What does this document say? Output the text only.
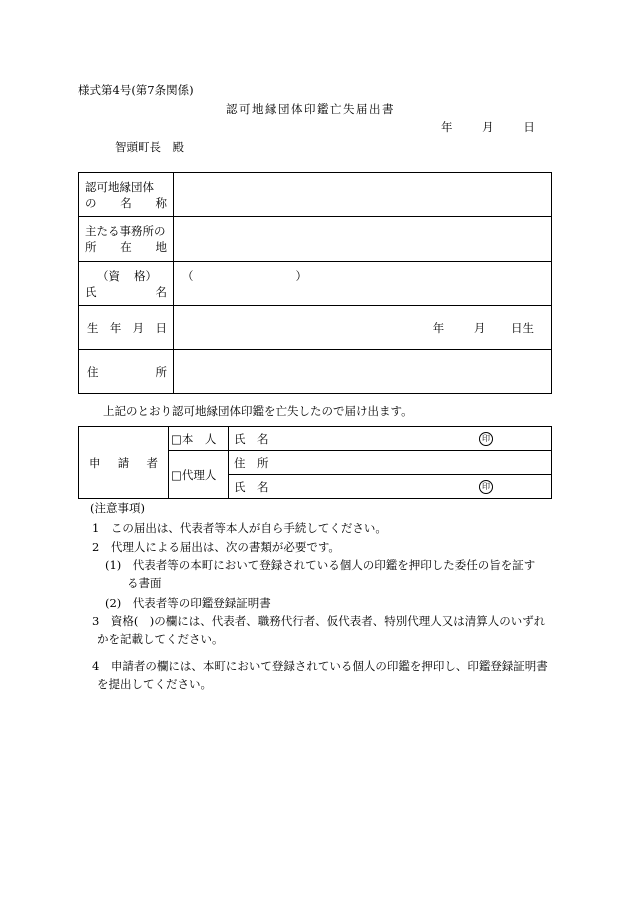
様式第4号(第7条関係)
認可地縁団体印鑑亡失届出書
年	月	日
智頭町長　殿
認可地縁団体
の 名 称	

主たる事務所の
所 在 地	

（資 格）
氏 名	（ ）

生 年 月 日	年 月 日生

住 所	

上記のとおり認可地縁団体印鑑を亡失したので届け出ます。
申 請 者	□本　人	氏　名 印

	□代理人	住　所
		氏　名 印
(注意事項)
1　この届出は、代表者等本人が自ら手続してください。
2　代理人による届出は、次の書類が必要です。
(1)　代表者等の本町において登録されている個人の印鑑を押印した委任の旨を証す
る書面
(2)　代表者等の印鑑登録証明書
3　資格(　)の欄には、代表者、職務代行者、仮代表者、特別代理人又は清算人のいずれ
かを記載してください。
4　申請者の欄には、本町において登録されている個人の印鑑を押印し、印鑑登録証明書
を提出してください。
